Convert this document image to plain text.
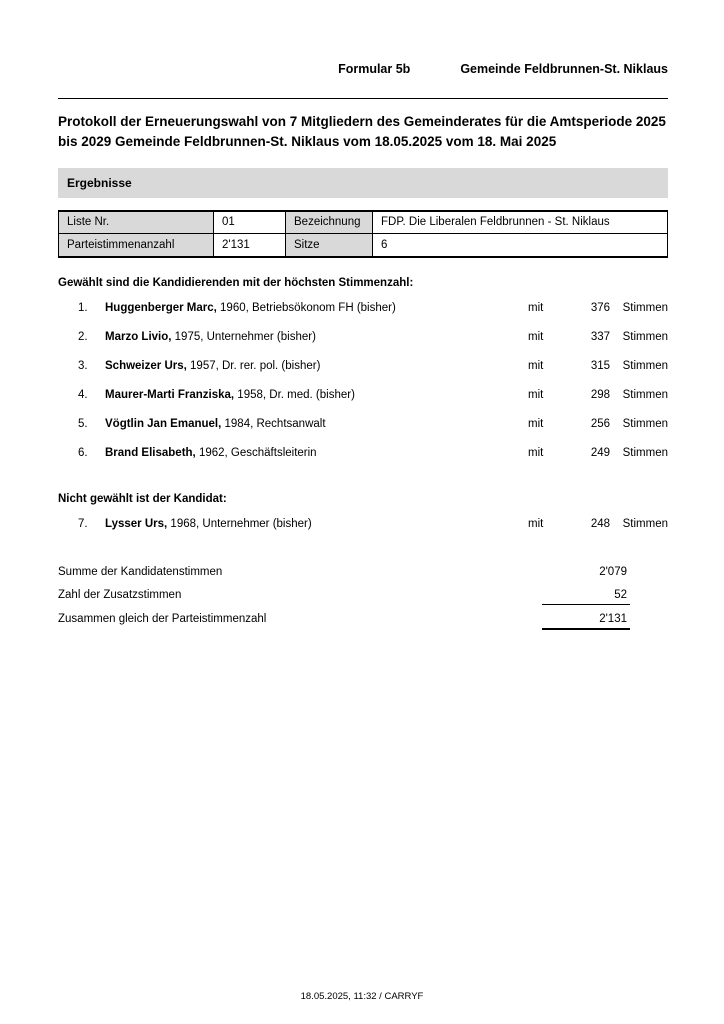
Formular 5b	Gemeinde Feldbrunnen-St. Niklaus
Protokoll der Erneuerungswahl von 7 Mitgliedern des Gemeinderates für die Amtsperiode 2025 bis 2029 Gemeinde Feldbrunnen-St. Niklaus vom 18.05.2025 vom 18. Mai 2025
Ergebnisse
Liste Nr.	01	Bezeichnung	FDP. Die Liberalen Feldbrunnen - St. Niklaus
Parteistimmenanzahl	2'131	Sitze	6
Gewählt sind die Kandidierenden mit der höchsten Stimmenzahl:
1.	Huggenberger Marc, 1960, Betriebsökonom FH (bisher)	mit	376	Stimmen
2.	Marzo Livio, 1975, Unternehmer (bisher)	mit	337	Stimmen
3.	Schweizer Urs, 1957, Dr. rer. pol. (bisher)	mit	315	Stimmen
4.	Maurer-Marti Franziska, 1958, Dr. med. (bisher)	mit	298	Stimmen
5.	Vögtlin Jan Emanuel, 1984, Rechtsanwalt	mit	256	Stimmen
6.	Brand Elisabeth, 1962, Geschäftsleiterin	mit	249	Stimmen
Nicht gewählt ist der Kandidat:
7.	Lysser Urs, 1968, Unternehmer (bisher)	mit	248	Stimmen
Summe der Kandidatenstimmen	2'079
Zahl der Zusatzstimmen	52
Zusammen gleich der Parteistimmenzahl	2'131
18.05.2025, 11:32 / CARRYF
